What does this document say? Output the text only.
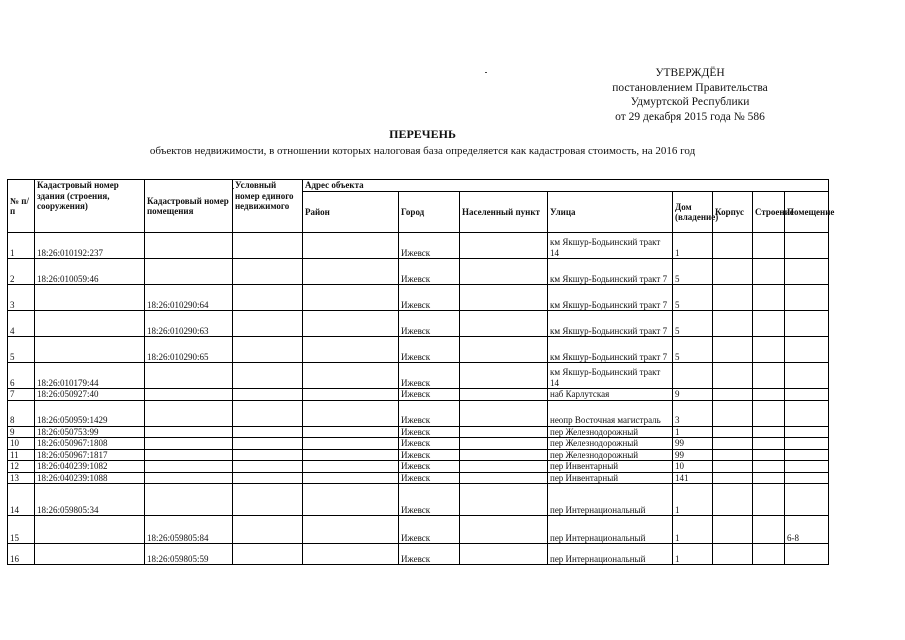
УТВЕРЖДЁН
постановлением Правительства
Удмуртской Республики
от 29 декабря 2015 года № 586
ПЕРЕЧЕНЬ
объектов недвижимости, в отношении которых налоговая база определяется как кадастровая стоимость, на 2016 год
№ п/п	Кадастровый номер здания (строения, сооружения)	Кадастровый номер помещения	Условный номер единого недвижимого	Адрес объекта							
				Район	Город	Населенный пункт	Улица	Дом (владение)	Корпус	Строение	Помещение
1	18:26:010192:237				Ижевск		км Якшур-Бодьинский тракт 14	1			
2	18:26:010059:46				Ижевск		км Якшур-Бодьинский тракт 7	5			
3		18:26:010290:64			Ижевск		км Якшур-Бодьинский тракт 7	5			
4		18:26:010290:63			Ижевск		км Якшур-Бодьинский тракт 7	5			
5		18:26:010290:65			Ижевск		км Якшур-Бодьинский тракт 7	5			
6	18:26:010179:44				Ижевск		км Якшур-Бодьинский тракт 14				
7	18:26:050927:40				Ижевск		наб Карлутская	9			
8	18:26:050959:1429				Ижевск		неопр Восточная магистраль	3			
9	18:26:050753:99				Ижевск		пер Железнодорожный	1			
10	18:26:050967:1808				Ижевск		пер Железнодорожный	99			
11	18:26:050967:1817				Ижевск		пер Железнодорожный	99			
12	18:26:040239:1082				Ижевск		пер Инвентарный	10			
13	18:26:040239:1088				Ижевск		пер Инвентарный	141			
14	18:26:059805:34				Ижевск		пер Интернациональный	1			
15		18:26:059805:84			Ижевск		пер Интернациональный	1			6-8
16		18:26:059805:59			Ижевск		пер Интернациональный	1			
